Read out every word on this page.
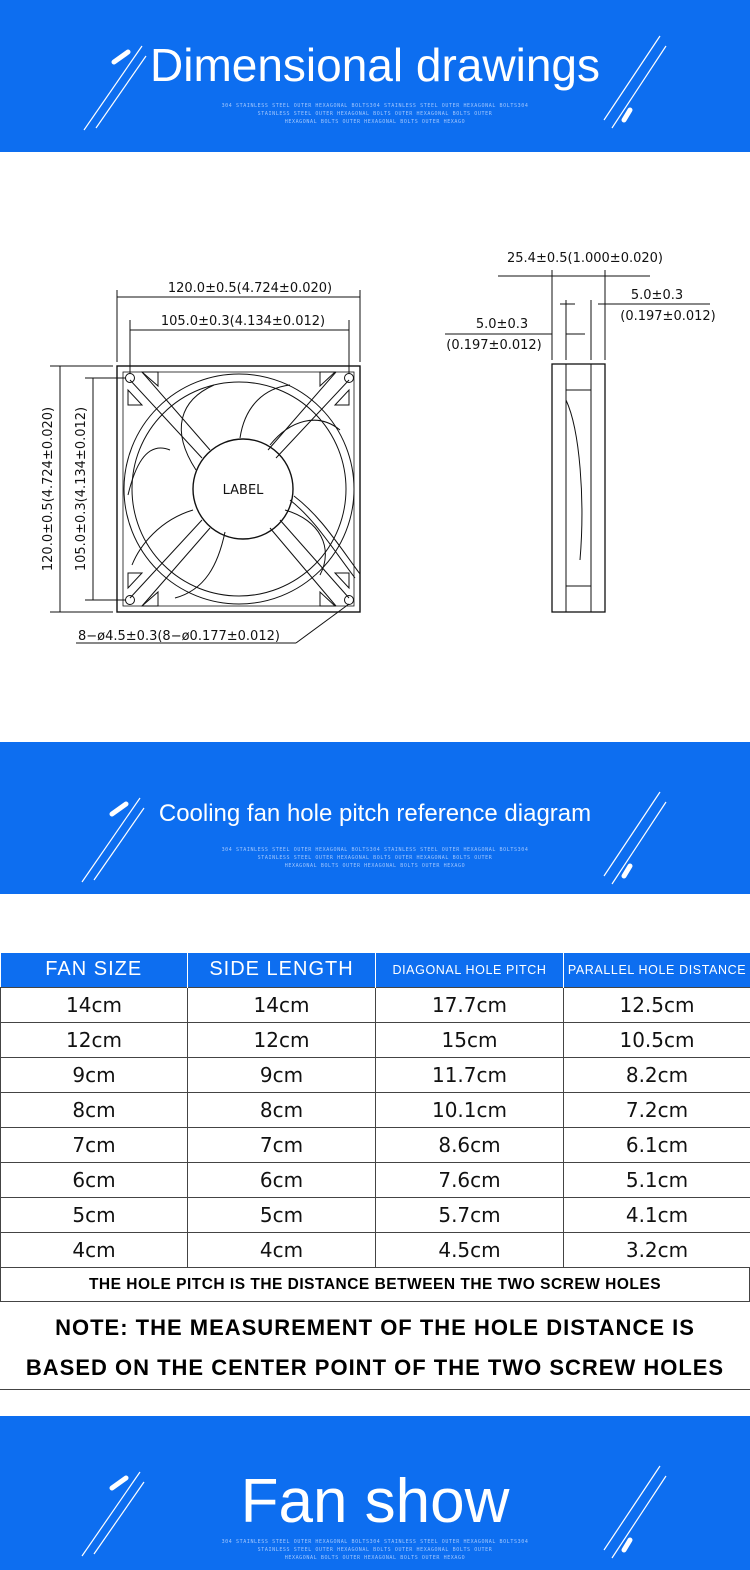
Dimensional drawings
304 STAINLESS STEEL OUTER HEXAGONAL BOLTS304 STAINLESS STEEL OUTER HEXAGONAL BOLTS304
STAINLESS STEEL OUTER HEXAGONAL BOLTS OUTER HEXAGONAL BOLTS OUTER
HEXAGONAL BOLTS OUTER HEXAGONAL BOLTS OUTER HEXAGO
120.0±0.5(4.724±0.020)
105.0±0.3(4.134±0.012)
LABEL
120.0±0.5(4.724±0.020) 105.0±0.3(4.134±0.012)
8−ø4.5±0.3(8−ø0.177±0.012)
25.4±0.5(1.000±0.020)
5.0±0.3
(0.197±0.012)
5.0±0.3
(0.197±0.012)
Cooling fan hole pitch reference diagram
304 STAINLESS STEEL OUTER HEXAGONAL BOLTS304 STAINLESS STEEL OUTER HEXAGONAL BOLTS304
STAINLESS STEEL OUTER HEXAGONAL BOLTS OUTER HEXAGONAL BOLTS OUTER
HEXAGONAL BOLTS OUTER HEXAGONAL BOLTS OUTER HEXAGO
FAN SIZE	SIDE LENGTH	DIAGONAL HOLE PITCH	PARALLEL HOLE DISTANCE
14cm	14cm	17.7cm	12.5cm
12cm	12cm	15cm	10.5cm
9cm	9cm	11.7cm	8.2cm
8cm	8cm	10.1cm	7.2cm
7cm	7cm	8.6cm	6.1cm
6cm	6cm	7.6cm	5.1cm
5cm	5cm	5.7cm	4.1cm
4cm	4cm	4.5cm	3.2cm
THE HOLE PITCH IS THE DISTANCE BETWEEN THE TWO SCREW HOLES
NOTE: THE MEASUREMENT OF THE HOLE DISTANCE IS
BASED ON THE CENTER POINT OF THE TWO SCREW HOLES
Fan show
304 STAINLESS STEEL OUTER HEXAGONAL BOLTS304 STAINLESS STEEL OUTER HEXAGONAL BOLTS304
STAINLESS STEEL OUTER HEXAGONAL BOLTS OUTER HEXAGONAL BOLTS OUTER
HEXAGONAL BOLTS OUTER HEXAGONAL BOLTS OUTER HEXAGO
